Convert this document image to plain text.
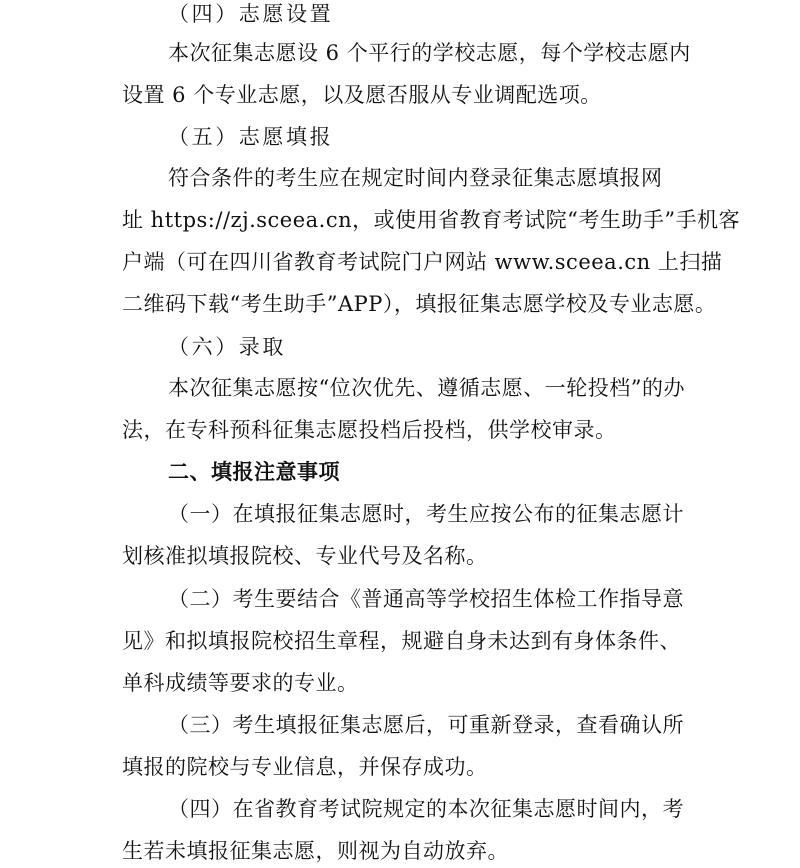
（四）志愿设置
本次征集志愿设 6 个平行的学校志愿，每个学校志愿内
设置 6 个专业志愿，以及愿否服从专业调配选项。
（五）志愿填报
符合条件的考生应在规定时间内登录征集志愿填报网
址 https://zj.sceea.cn，或使用省教育考试院“考生助手”手机客
户端（可在四川省教育考试院门户网站 www.sceea.cn 上扫描
二维码下载“考生助手”APP），填报征集志愿学校及专业志愿。
（六）录取
本次征集志愿按“位次优先、遵循志愿、一轮投档”的办
法，在专科预科征集志愿投档后投档，供学校审录。
二、填报注意事项
（一）在填报征集志愿时，考生应按公布的征集志愿计
划核准拟填报院校、专业代号及名称。
（二）考生要结合《普通高等学校招生体检工作指导意
见》和拟填报院校招生章程，规避自身未达到有身体条件、
单科成绩等要求的专业。
（三）考生填报征集志愿后，可重新登录，查看确认所
填报的院校与专业信息，并保存成功。
（四）在省教育考试院规定的本次征集志愿时间内，考
生若未填报征集志愿，则视为自动放弃。
